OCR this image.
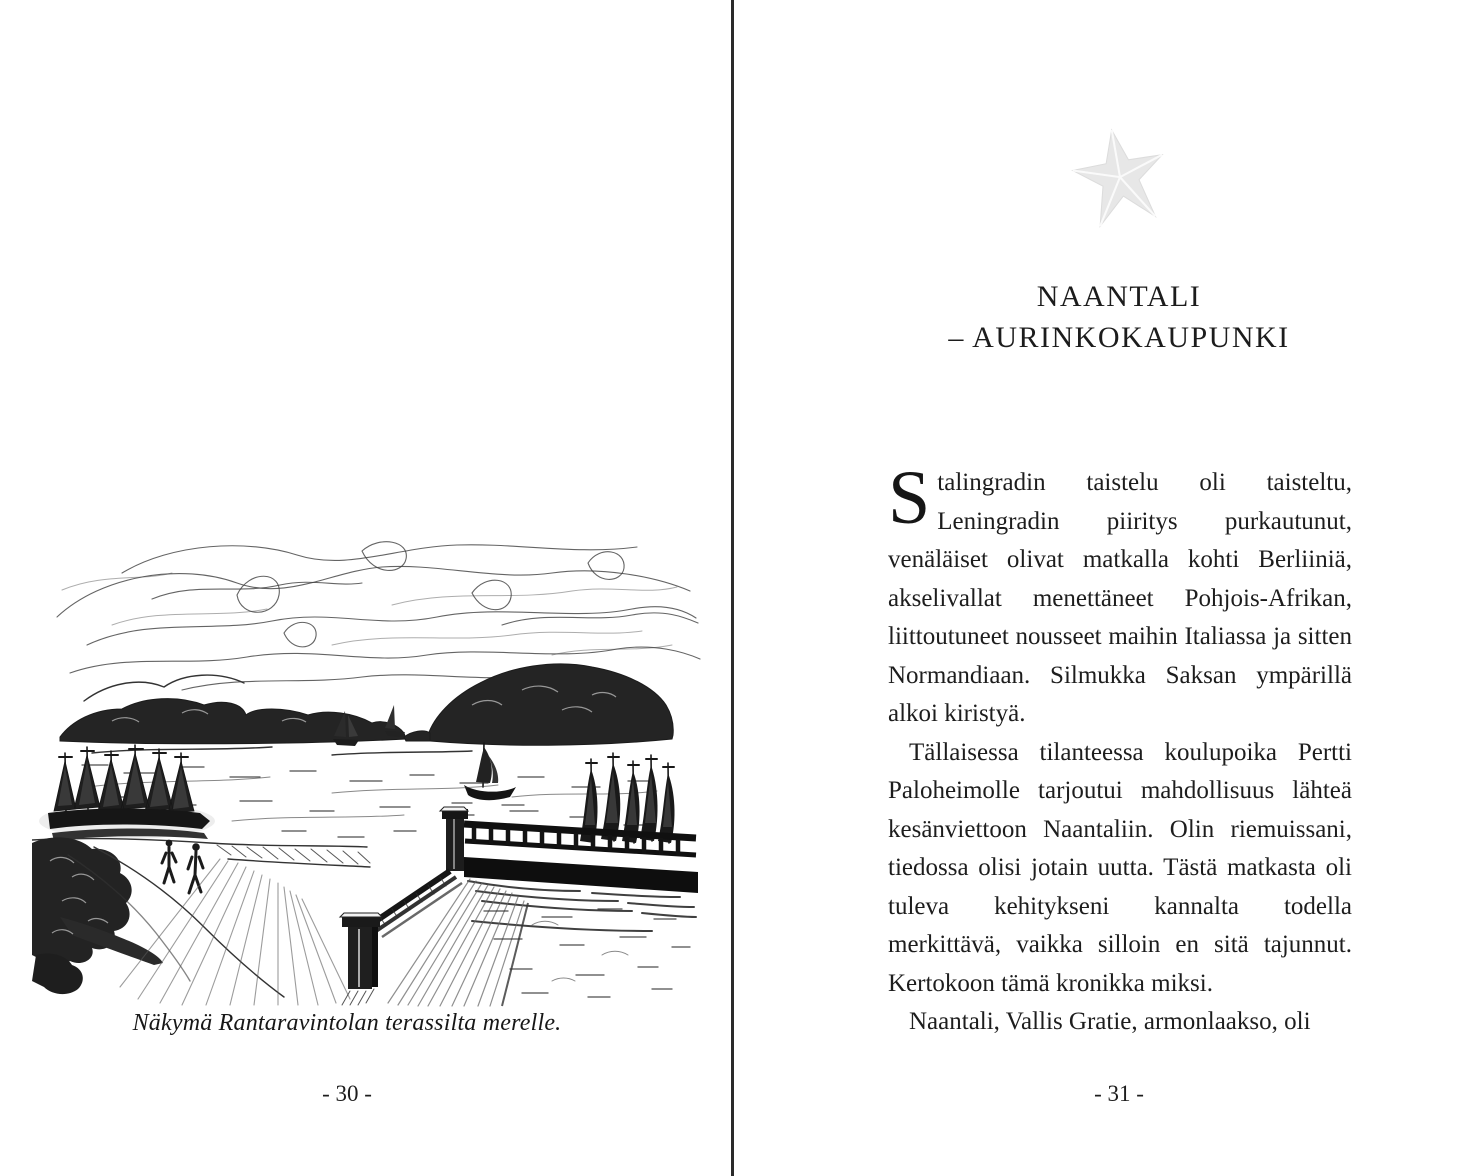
Näkymä Rantaravintolan terassilta merelle.
- 30 -
NAANTALI
– AURINKOKAUPUNKI

Stalingradin taistelu oli taisteltu, Leningradin piiritys purkautunut, venäläiset olivat matkalla kohti Berliiniä, akselivallat menettäneet Pohjois-Afrikan, liittoutuneet nousseet maihin Italiassa ja sitten Normandiaan. Silmukka Saksan ympärillä alkoi kiristyä.

Tällaisessa tilanteessa koulupoika Pertti Paloheimolle tarjoutui mahdollisuus lähteä kesänviettoon Naantaliin. Olin riemuissani, tiedossa olisi jotain uutta. Tästä matkasta oli tuleva kehitykseni kannalta todella merkittävä, vaikka silloin en sitä tajunnut. Kertokoon tämä kronikka miksi.

Naantali, Vallis Gratie, armonlaakso, oli

- 31 -
